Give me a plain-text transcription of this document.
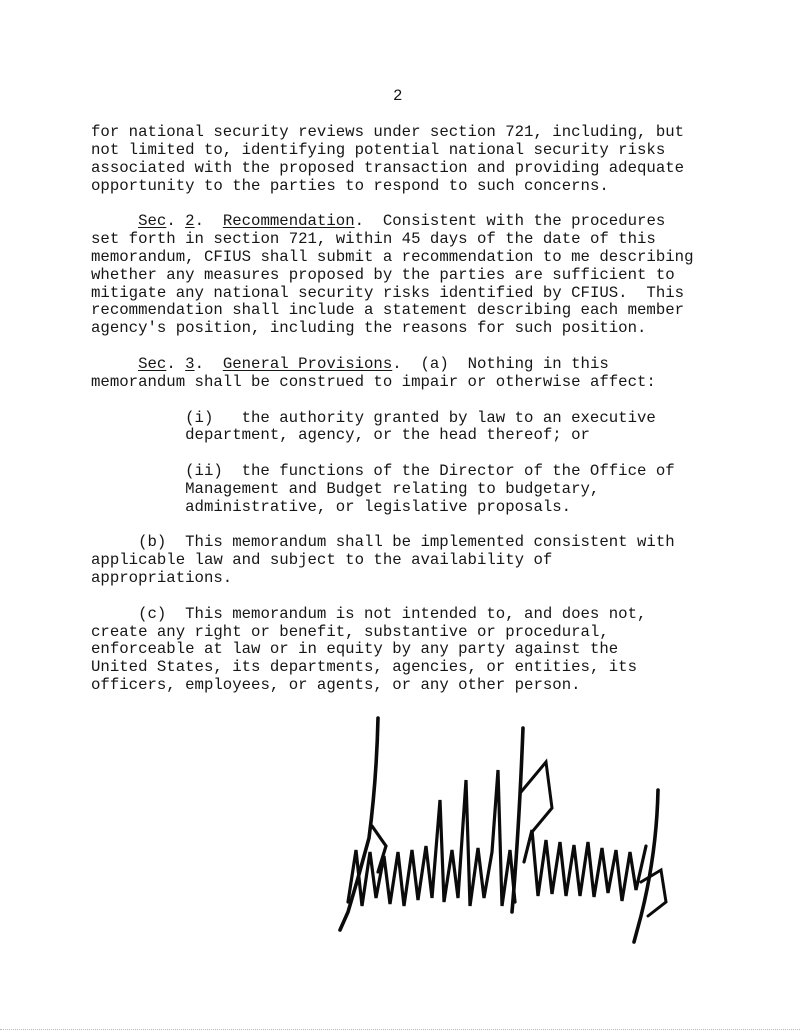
2
for national security reviews under section 721, including, but
not limited to, identifying potential national security risks
associated with the proposed transaction and providing adequate
opportunity to the parties to respond to such concerns.
Sec. 2.  Recommendation.  Consistent with the procedures
set forth in section 721, within 45 days of the date of this
memorandum, CFIUS shall submit a recommendation to me describing
whether any measures proposed by the parties are sufficient to
mitigate any national security risks identified by CFIUS.  This
recommendation shall include a statement describing each member
agency's position, including the reasons for such position.
Sec. 3.  General Provisions.  (a)  Nothing in this
memorandum shall be construed to impair or otherwise affect:
(i)   the authority granted by law to an executive
department, agency, or the head thereof; or
(ii)  the functions of the Director of the Office of
Management and Budget relating to budgetary,
administrative, or legislative proposals.
(b)  This memorandum shall be implemented consistent with
applicable law and subject to the availability of
appropriations.
(c)  This memorandum is not intended to, and does not,
create any right or benefit, substantive or procedural,
enforceable at law or in equity by any party against the
United States, its departments, agencies, or entities, its
officers, employees, or agents, or any other person.
